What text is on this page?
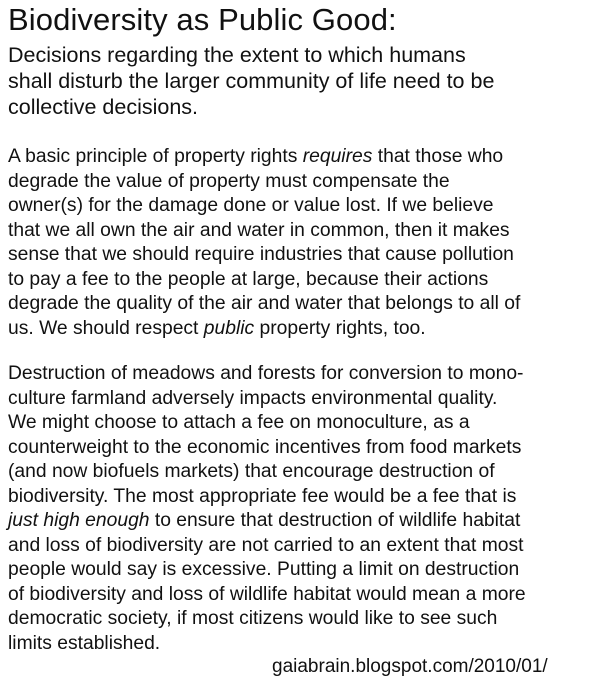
Biodiversity as Public Good:

Decisions regarding the extent to which humans
shall disturb the larger community of life need to be
collective decisions.

A basic principle of property rights requires that those who
degrade the value of property must compensate the
owner(s) for the damage done or value lost. If we believe
that we all own the air and water in common, then it makes
sense that we should require industries that cause pollution
to pay a fee to the people at large, because their actions
degrade the quality of the air and water that belongs to all of
us. We should respect public property rights, too.

Destruction of meadows and forests for conversion to mono-
culture farmland adversely impacts environmental quality.
We might choose to attach a fee on monoculture, as a
counterweight to the economic incentives from food markets
(and now biofuels markets) that encourage destruction of
biodiversity. The most appropriate fee would be a fee that is
just high enough to ensure that destruction of wildlife habitat
and loss of biodiversity are not carried to an extent that most
people would say is excessive. Putting a limit on destruction
of biodiversity and loss of wildlife habitat would mean a more
democratic society, if most citizens would like to see such
limits established.

gaiabrain.blogspot.com/2010/01/
